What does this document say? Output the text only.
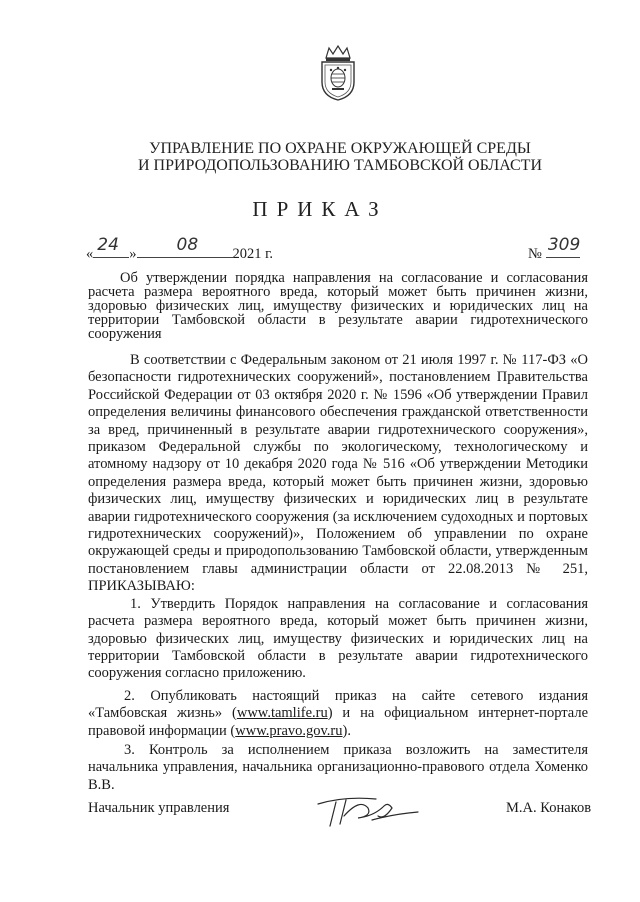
УПРАВЛЕНИЕ ПО ОХРАНЕ ОКРУЖАЮЩЕЙ СРЕДЫ
И ПРИРОДОПОЛЬЗОВАНИЮ ТАМБОВСКОЙ ОБЛАСТИ
ПРИКАЗ
« 24 » 08 2021 г.	№ 309
Об утверждении порядка направления на согласование и согласования расчета размера вероятного вреда, который может быть причинен жизни, здоровью физических лиц, имуществу физических и юридических лиц на территории Тамбовской области в результате аварии гидротехнического сооружения

В соответствии с Федеральным законом от 21 июля 1997 г. № 117-ФЗ «О безопасности гидротехнических сооружений», постановлением Правительства Российской Федерации от 03 октября 2020 г. № 1596 «Об утверждении Правил определения величины финансового обеспечения гражданской ответственности за вред, причиненный в результате аварии гидротехнического сооружения», приказом Федеральной службы по экологическому, технологическому и атомному надзору от 10 декабря 2020 года № 516 «Об утверждении Методики определения размера вреда, который может быть причинен жизни, здоровью физических лиц, имуществу физических и юридических лиц в результате аварии гидротехнического сооружения (за исключением судоходных и портовых гидротехнических сооружений)», Положением об управлении по охране окружающей среды и природопользованию Тамбовской области, утвержденным постановлением главы администрации области от 22.08.2013 № 251, ПРИКАЗЫВАЮ:

1. Утвердить Порядок направления на согласование и согласования расчета размера вероятного вреда, который может быть причинен жизни, здоровью физических лиц, имуществу физических и юридических лиц на территории Тамбовской области в результате аварии гидротехнического сооружения согласно приложению.

2. Опубликовать настоящий приказ на сайте сетевого издания «Тамбовская жизнь» (www.tamlife.ru) и на официальном интернет-портале правовой информации (www.pravo.gov.ru).

3. Контроль за исполнением приказа возложить на заместителя начальника управления, начальника организационно-правового отдела Хоменко В.В.

Начальник управления	М.А. Конаков
